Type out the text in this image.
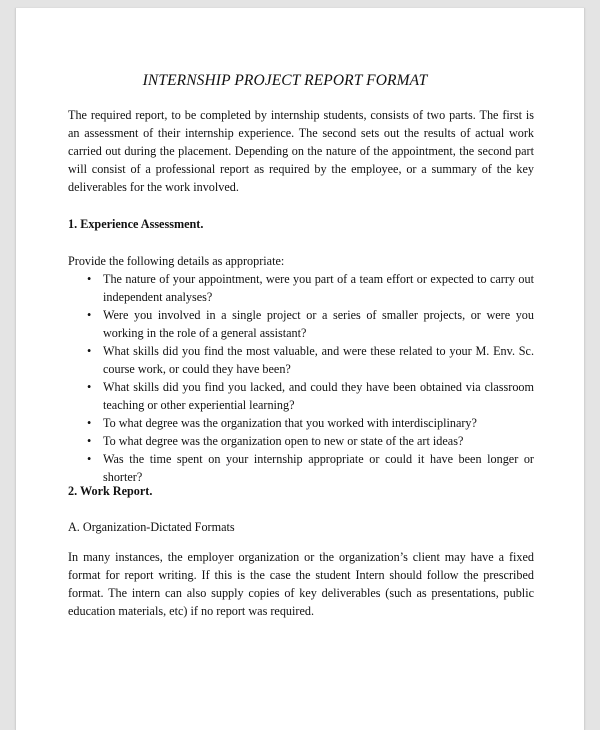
INTERNSHIP PROJECT REPORT FORMAT

The required report, to be completed by internship students, consists of two parts. The first is an assessment of their internship experience. The second sets out the results of actual work carried out during the placement. Depending on the nature of the appointment, the second part will consist of a professional report as required by the employee, or a summary of the key deliverables for the work involved.

1. Experience Assessment.

Provide the following details as appropriate:

• The nature of your appointment, were you part of a team effort or expected to carry out independent analyses?
• Were you involved in a single project or a series of smaller projects, or were you working in the role of a general assistant?
• What skills did you find the most valuable, and were these related to your M. Env. Sc. course work, or could they have been?
• What skills did you find you lacked, and could they have been obtained via classroom teaching or other experiential learning?
• To what degree was the organization that you worked with interdisciplinary?
• To what degree was the organization open to new or state of the art ideas?
• Was the time spent on your internship appropriate or could it have been longer or shorter?

2. Work Report.

A. Organization-Dictated Formats

In many instances, the employer organization or the organization’s client may have a fixed format for report writing. If this is the case the student Intern should follow the prescribed format. The intern can also supply copies of key deliverables (such as presentations, public education materials, etc) if no report was required.
